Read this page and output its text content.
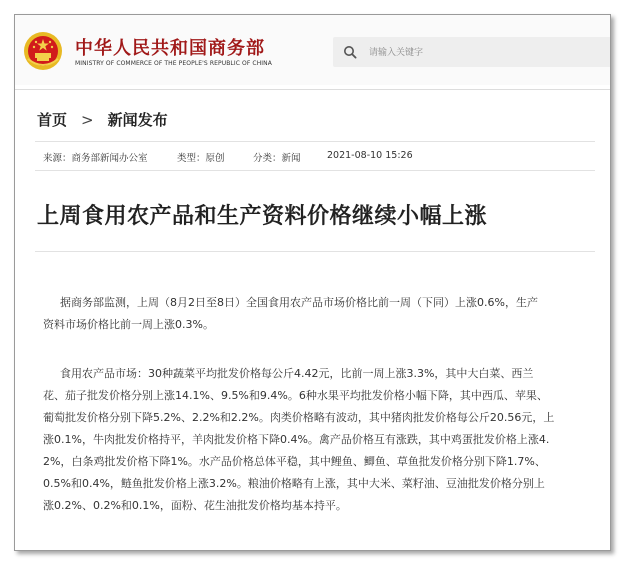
中华人民共和国商务部
MINISTRY OF COMMERCE OF THE PEOPLE'S REPUBLIC OF CHINA
请输入关键字
首页 > 新闻发布
来源：商务部新闻办公室	类型：原创	分类：新闻	2021-08-10 15:26
上周食用农产品和生产资料价格继续小幅上涨

据商务部监测，上周（8月2日至8日）全国食用农产品市场价格比前一周（下同）上涨0.6%，生产
资料市场价格比前一周上涨0.3%。

食用农产品市场：30种蔬菜平均批发价格每公斤4.42元，比前一周上涨3.3%，其中大白菜、西兰
花、茄子批发价格分别上涨14.1%、9.5%和9.4%。6种水果平均批发价格小幅下降，其中西瓜、苹果、
葡萄批发价格分别下降5.2%、2.2%和2.2%。肉类价格略有波动，其中猪肉批发价格每公斤20.56元，上
涨0.1%，牛肉批发价格持平，羊肉批发价格下降0.4%。禽产品价格互有涨跌，其中鸡蛋批发价格上涨4.
2%，白条鸡批发价格下降1%。水产品价格总体平稳，其中鲤鱼、鲫鱼、草鱼批发价格分别下降1.7%、
0.5%和0.4%，鲢鱼批发价格上涨3.2%。粮油价格略有上涨，其中大米、菜籽油、豆油批发价格分别上
涨0.2%、0.2%和0.1%，面粉、花生油批发价格均基本持平。
